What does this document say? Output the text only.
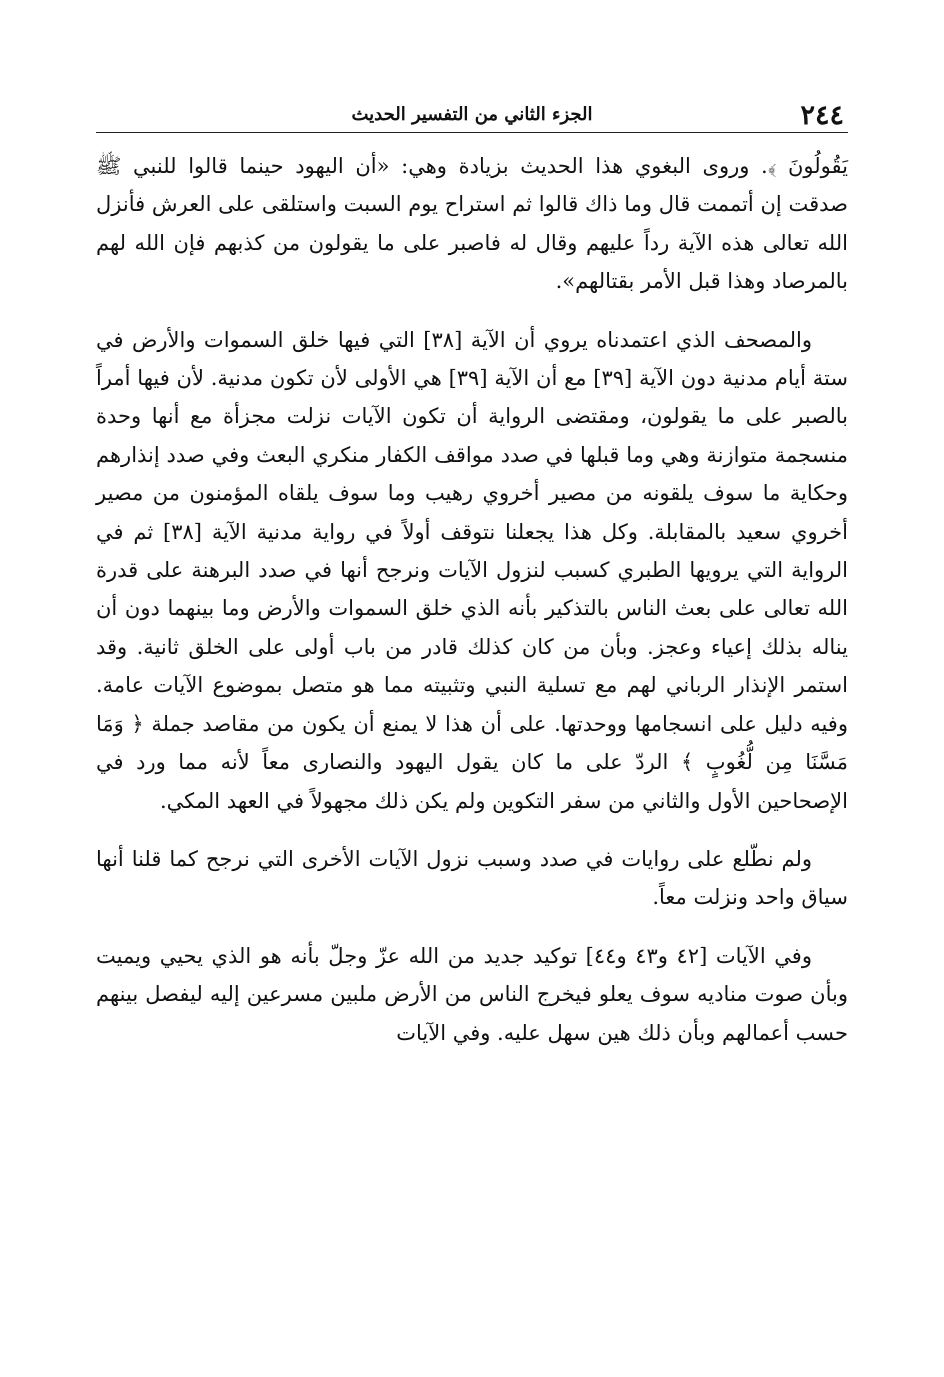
٢٤٤
الجزء الثاني من التفسير الحديث

يَقُولُونَ ﴾. وروى البغوي هذا الحديث بزيادة وهي: «أن اليهود حينما قالوا للنبي ﷺ صدقت إن أتممت قال وما ذاك قالوا ثم استراح يوم السبت واستلقى على العرش فأنزل الله تعالى هذه الآية رداً عليهم وقال له فاصبر على ما يقولون من كذبهم فإن الله لهم بالمرصاد وهذا قبل الأمر بقتالهم».

والمصحف الذي اعتمدناه يروي أن الآية [٣٨] التي فيها خلق السموات والأرض في ستة أيام مدنية دون الآية [٣٩] مع أن الآية [٣٩] هي الأولى لأن تكون مدنية. لأن فيها أمراً بالصبر على ما يقولون، ومقتضى الرواية أن تكون الآيات نزلت مجزأة مع أنها وحدة منسجمة متوازنة وهي وما قبلها في صدد مواقف الكفار منكري البعث وفي صدد إنذارهم وحكاية ما سوف يلقونه من مصير أخروي رهيب وما سوف يلقاه المؤمنون من مصير أخروي سعيد بالمقابلة. وكل هذا يجعلنا نتوقف أولاً في رواية مدنية الآية [٣٨] ثم في الرواية التي يرويها الطبري كسبب لنزول الآيات ونرجح أنها في صدد البرهنة على قدرة الله تعالى على بعث الناس بالتذكير بأنه الذي خلق السموات والأرض وما بينهما دون أن يناله بذلك إعياء وعجز. وبأن من كان كذلك قادر من باب أولى على الخلق ثانية. وقد استمر الإنذار الرباني لهم مع تسلية النبي وتثبيته مما هو متصل بموضوع الآيات عامة. وفيه دليل على انسجامها ووحدتها. على أن هذا لا يمنع أن يكون من مقاصد جملة ﴿ وَمَا مَسَّنَا مِن لُّغُوبٍ ﴾ الردّ على ما كان يقول اليهود والنصارى معاً لأنه مما ورد في الإصحاحين الأول والثاني من سفر التكوين ولم يكن ذلك مجهولاً في العهد المكي.

ولم نطّلع على روايات في صدد وسبب نزول الآيات الأخرى التي نرجح كما قلنا أنها سياق واحد ونزلت معاً.

وفي الآيات [٤٢ و٤٣ و٤٤] توكيد جديد من الله عزّ وجلّ بأنه هو الذي يحيي ويميت وبأن صوت مناديه سوف يعلو فيخرج الناس من الأرض ملبين مسرعين إليه ليفصل بينهم حسب أعمالهم وبأن ذلك هين سهل عليه. وفي الآيات
